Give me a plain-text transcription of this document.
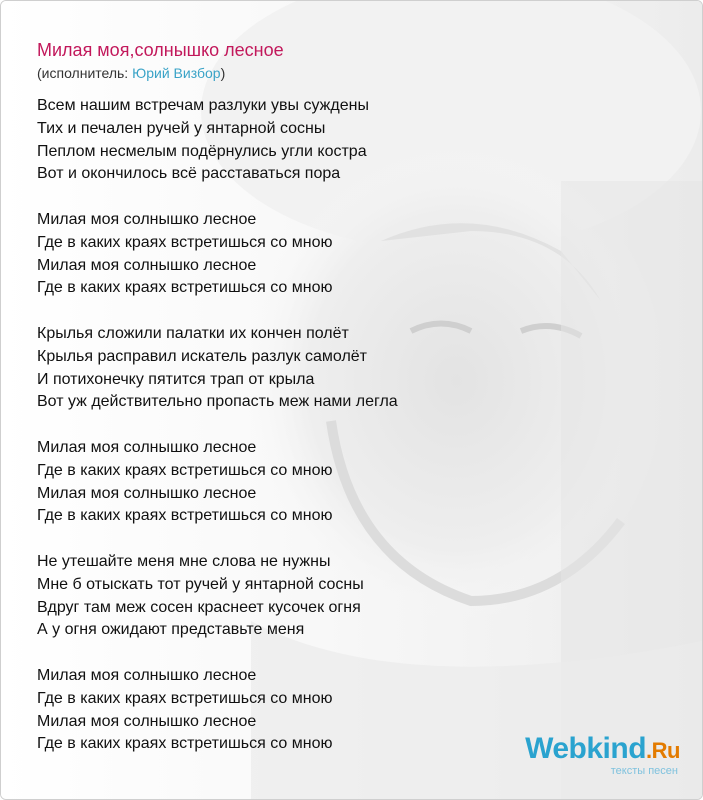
Милая моя,солнышко лесное
(исполнитель: Юрий Визбор)
Всем нашим встречам разлуки увы суждены
Тих и печален ручей у янтарной сосны
Пеплом несмелым подёрнулись угли костра
Вот и окончилось всё расставаться пора
Милая моя солнышко лесное
Где в каких краях встретишься со мною
Милая моя солнышко лесное
Где в каких краях встретишься со мною
Крылья сложили палатки их кончен полёт
Крылья расправил искатель разлук самолёт
И потихонечку пятится трап от крыла
Вот уж действительно пропасть меж нами легла
Милая моя солнышко лесное
Где в каких краях встретишься со мною
Милая моя солнышко лесное
Где в каких краях встретишься со мною
Не утешайте меня мне слова не нужны
Мне б отыскать тот ручей у янтарной сосны
Вдруг там меж сосен краснеет кусочек огня
А у огня ожидают представьте меня
Милая моя солнышко лесное
Где в каких краях встретишься со мною
Милая моя солнышко лесное
Где в каких краях встретишься со мною	Webkind.Ru
тексты песен
